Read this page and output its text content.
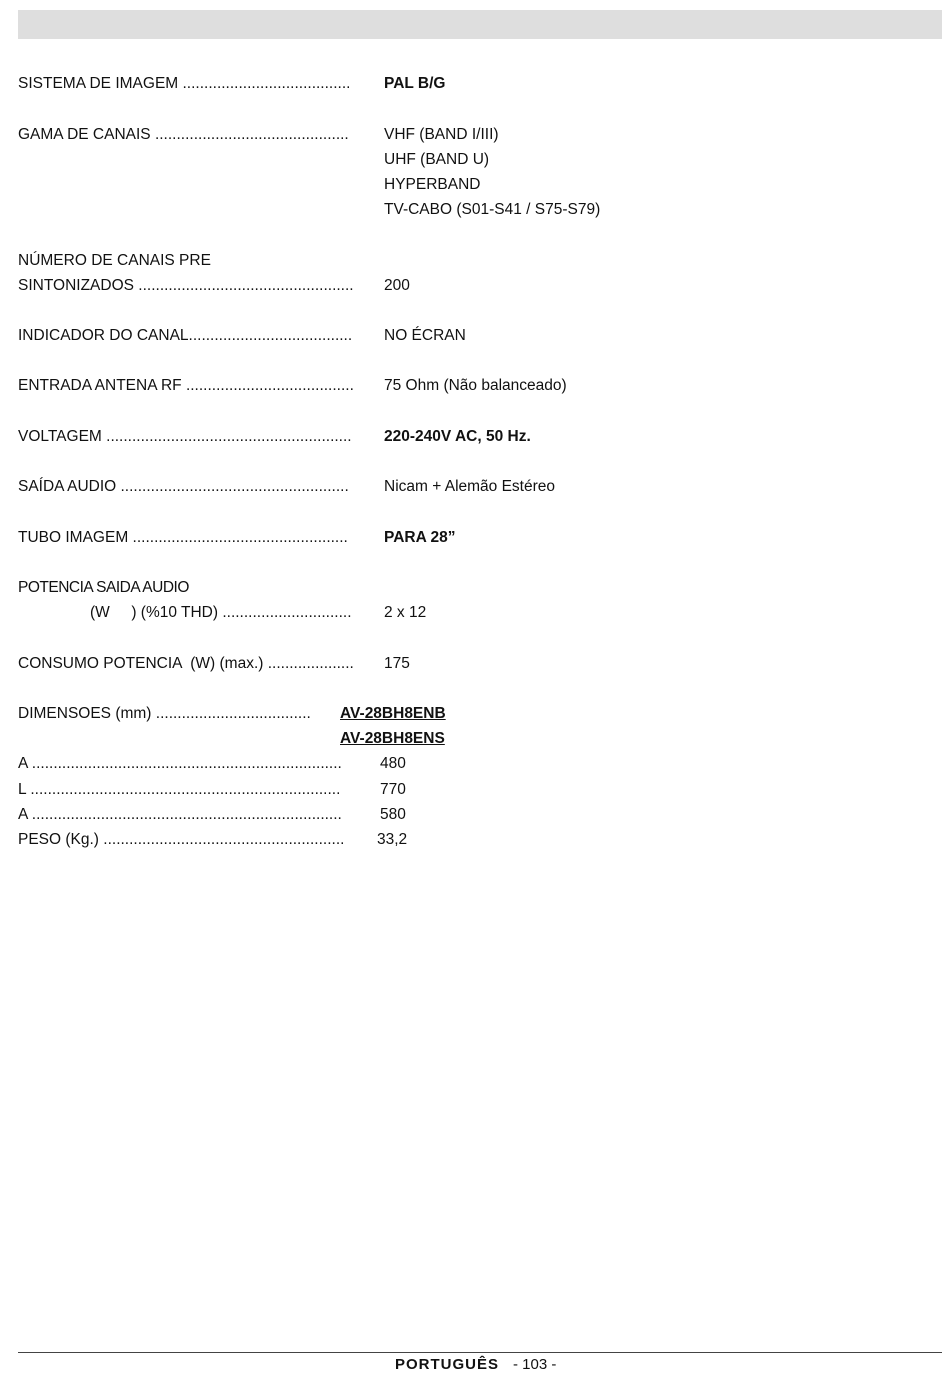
SISTEMA DE IMAGEM ....................................... PAL B/G
GAMA DE CANAIS ............................................. VHF (BAND I/III)
UHF (BAND U)
HYPERBAND
TV-CABO (S01-S41 / S75-S79)
NÚMERO DE CANAIS PRE
SINTONIZADOS .................................................. 200
INDICADOR DO CANAL...................................... NO ÉCRAN
ENTRADA ANTENA RF ....................................... 75 Ohm (Não balanceado)
VOLTAGEM ......................................................... 220-240V AC, 50 Hz.
SAÍDA AUDIO ..................................................... Nicam + Alemão Estéreo
TUBO IMAGEM .................................................. PARA 28”
POTENCIA SAIDA AUDIO
(W     ) (%10 THD) .............................. 2 x 12
CONSUMO POTENCIA  (W) (max.) .................... 175
DIMENSOES (mm) .................................... AV-28BH8ENB
AV-28BH8ENS
A ........................................................................ 480
L ........................................................................	770
A ........................................................................ 580
PESO (Kg.) ........................................................ 33,2
PORTUGUÊS - 103 -
